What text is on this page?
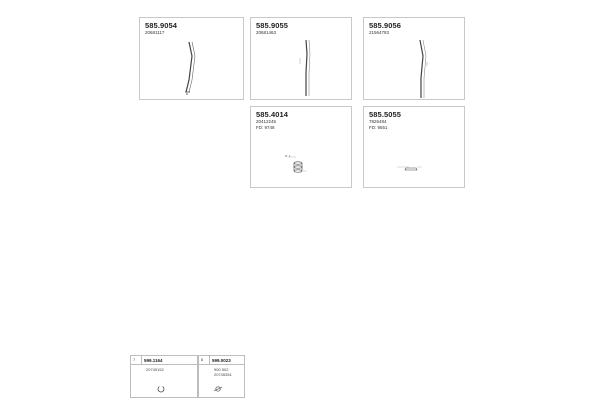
585.9054
20681117
585.9055
20681463
585.9056
21564783
585.4014
20412245
FD: 9748
D: 1
585.5055
7826484
FD: 9551
7 599.1164
20745152
8 599.0023
900 502
20745351
